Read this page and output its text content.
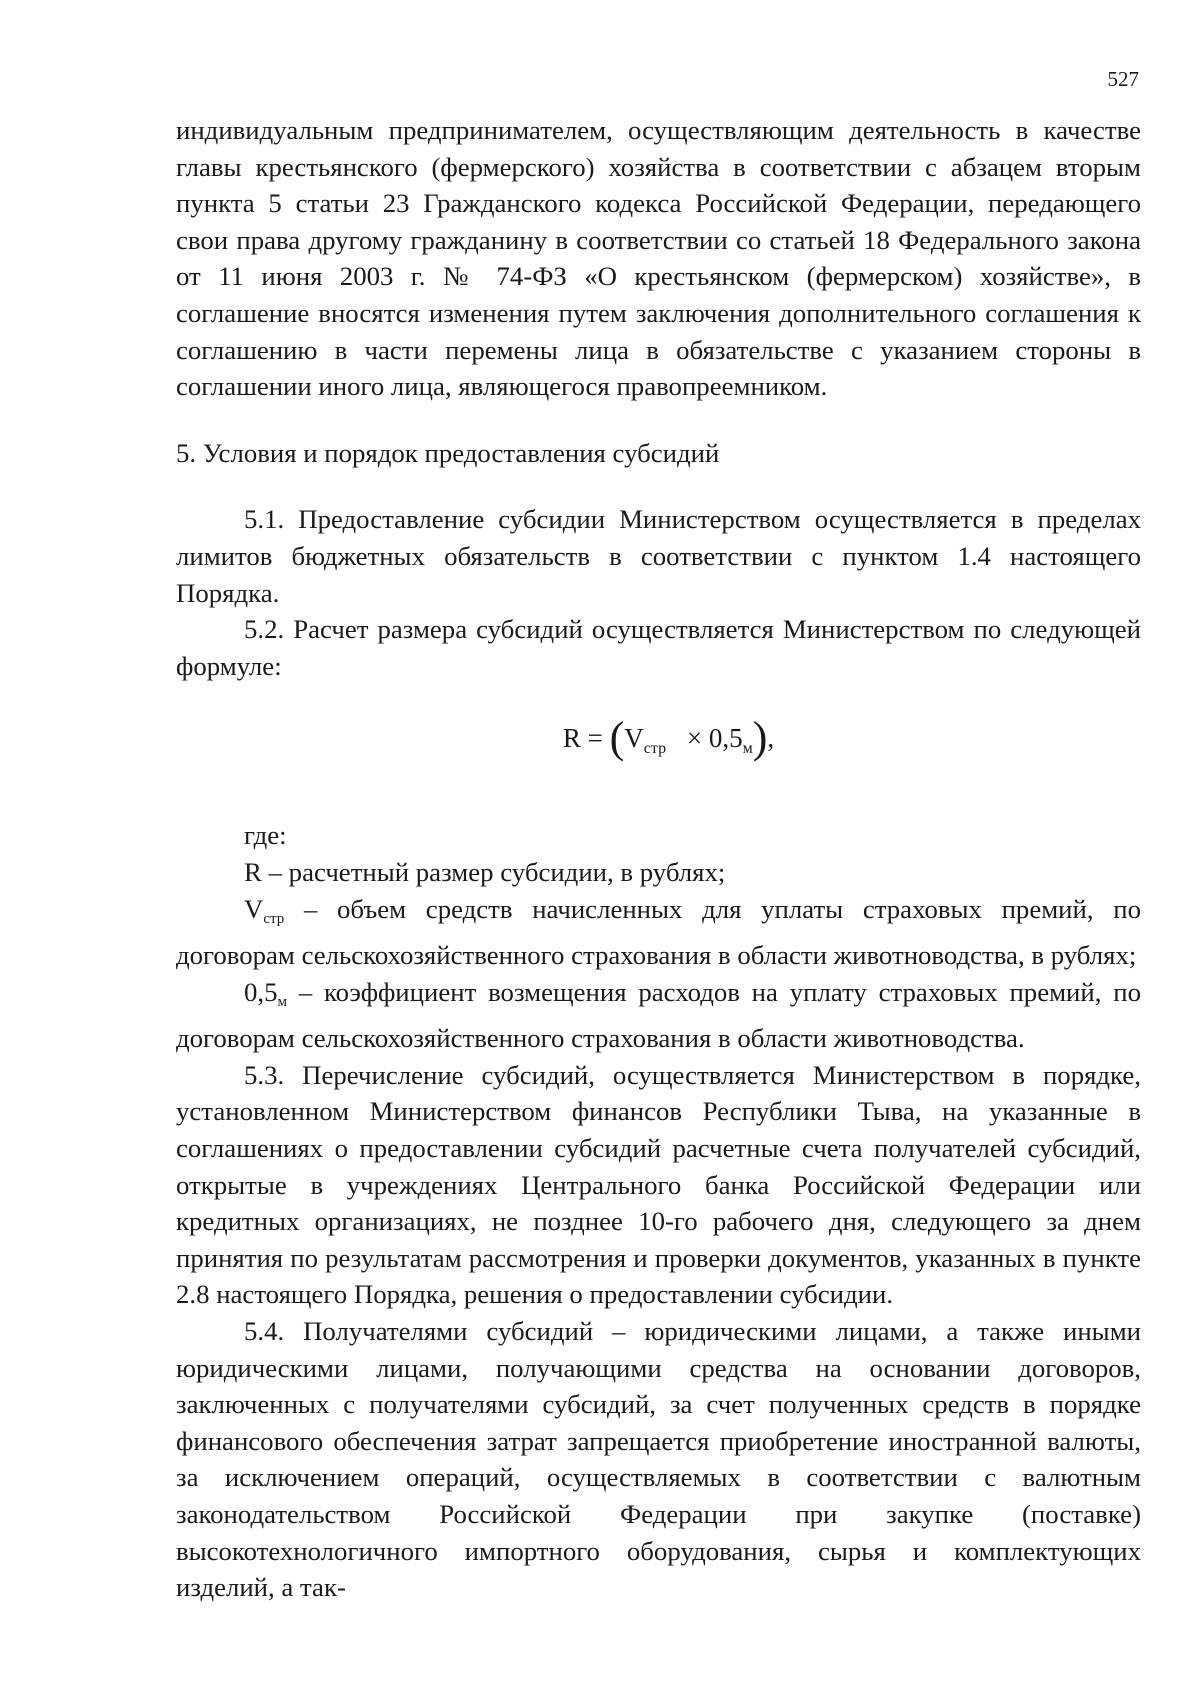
527

индивидуальным предпринимателем, осуществляющим деятельность в качестве главы крестьянского (фермерского) хозяйства в соответствии с абзацем вторым пункта 5 статьи 23 Гражданского кодекса Российской Федерации, передающего свои права другому гражданину в соответствии со статьей 18 Федерального закона от 11 июня 2003 г. № 74-ФЗ «О крестьянском (фермерском) хозяйстве», в соглашение вносятся изменения путем заключения дополнительного соглашения к соглашению в части перемены лица в обязательстве с указанием стороны в соглашении иного лица, являющегося правопреемником.

5. Условия и порядок предоставления субсидий

5.1. Предоставление субсидии Министерством осуществляется в пределах лимитов бюджетных обязательств в соответствии с пунктом 1.4 настоящего Порядка.

5.2. Расчет размера субсидий осуществляется Министерством по следующей формуле:

$R = (V_{стр} \times 0,5_м)$,

где:

R – расчетный размер субсидии, в рублях;

Vстр – объем средств начисленных для уплаты страховых премий, по договорам сельскохозяйственного страхования в области животноводства, в рублях;

0,5м – коэффициент возмещения расходов на уплату страховых премий, по договорам сельскохозяйственного страхования в области животноводства.

5.3. Перечисление субсидий, осуществляется Министерством в порядке, установленном Министерством финансов Республики Тыва, на указанные в соглашениях о предоставлении субсидий расчетные счета получателей субсидий, открытые в учреждениях Центрального банка Российской Федерации или кредитных организациях, не позднее 10-го рабочего дня, следующего за днем принятия по результатам рассмотрения и проверки документов, указанных в пункте 2.8 настоящего Порядка, решения о предоставлении субсидии.

5.4. Получателями субсидий – юридическими лицами, а также иными юридическими лицами, получающими средства на основании договоров, заключенных с получателями субсидий, за счет полученных средств в порядке финансового обеспечения затрат запрещается приобретение иностранной валюты, за исключением операций, осуществляемых в соответствии с валютным законодательством Российской Федерации при закупке (поставке) высокотехнологичного импортного оборудования, сырья и комплектующих изделий, а так-
